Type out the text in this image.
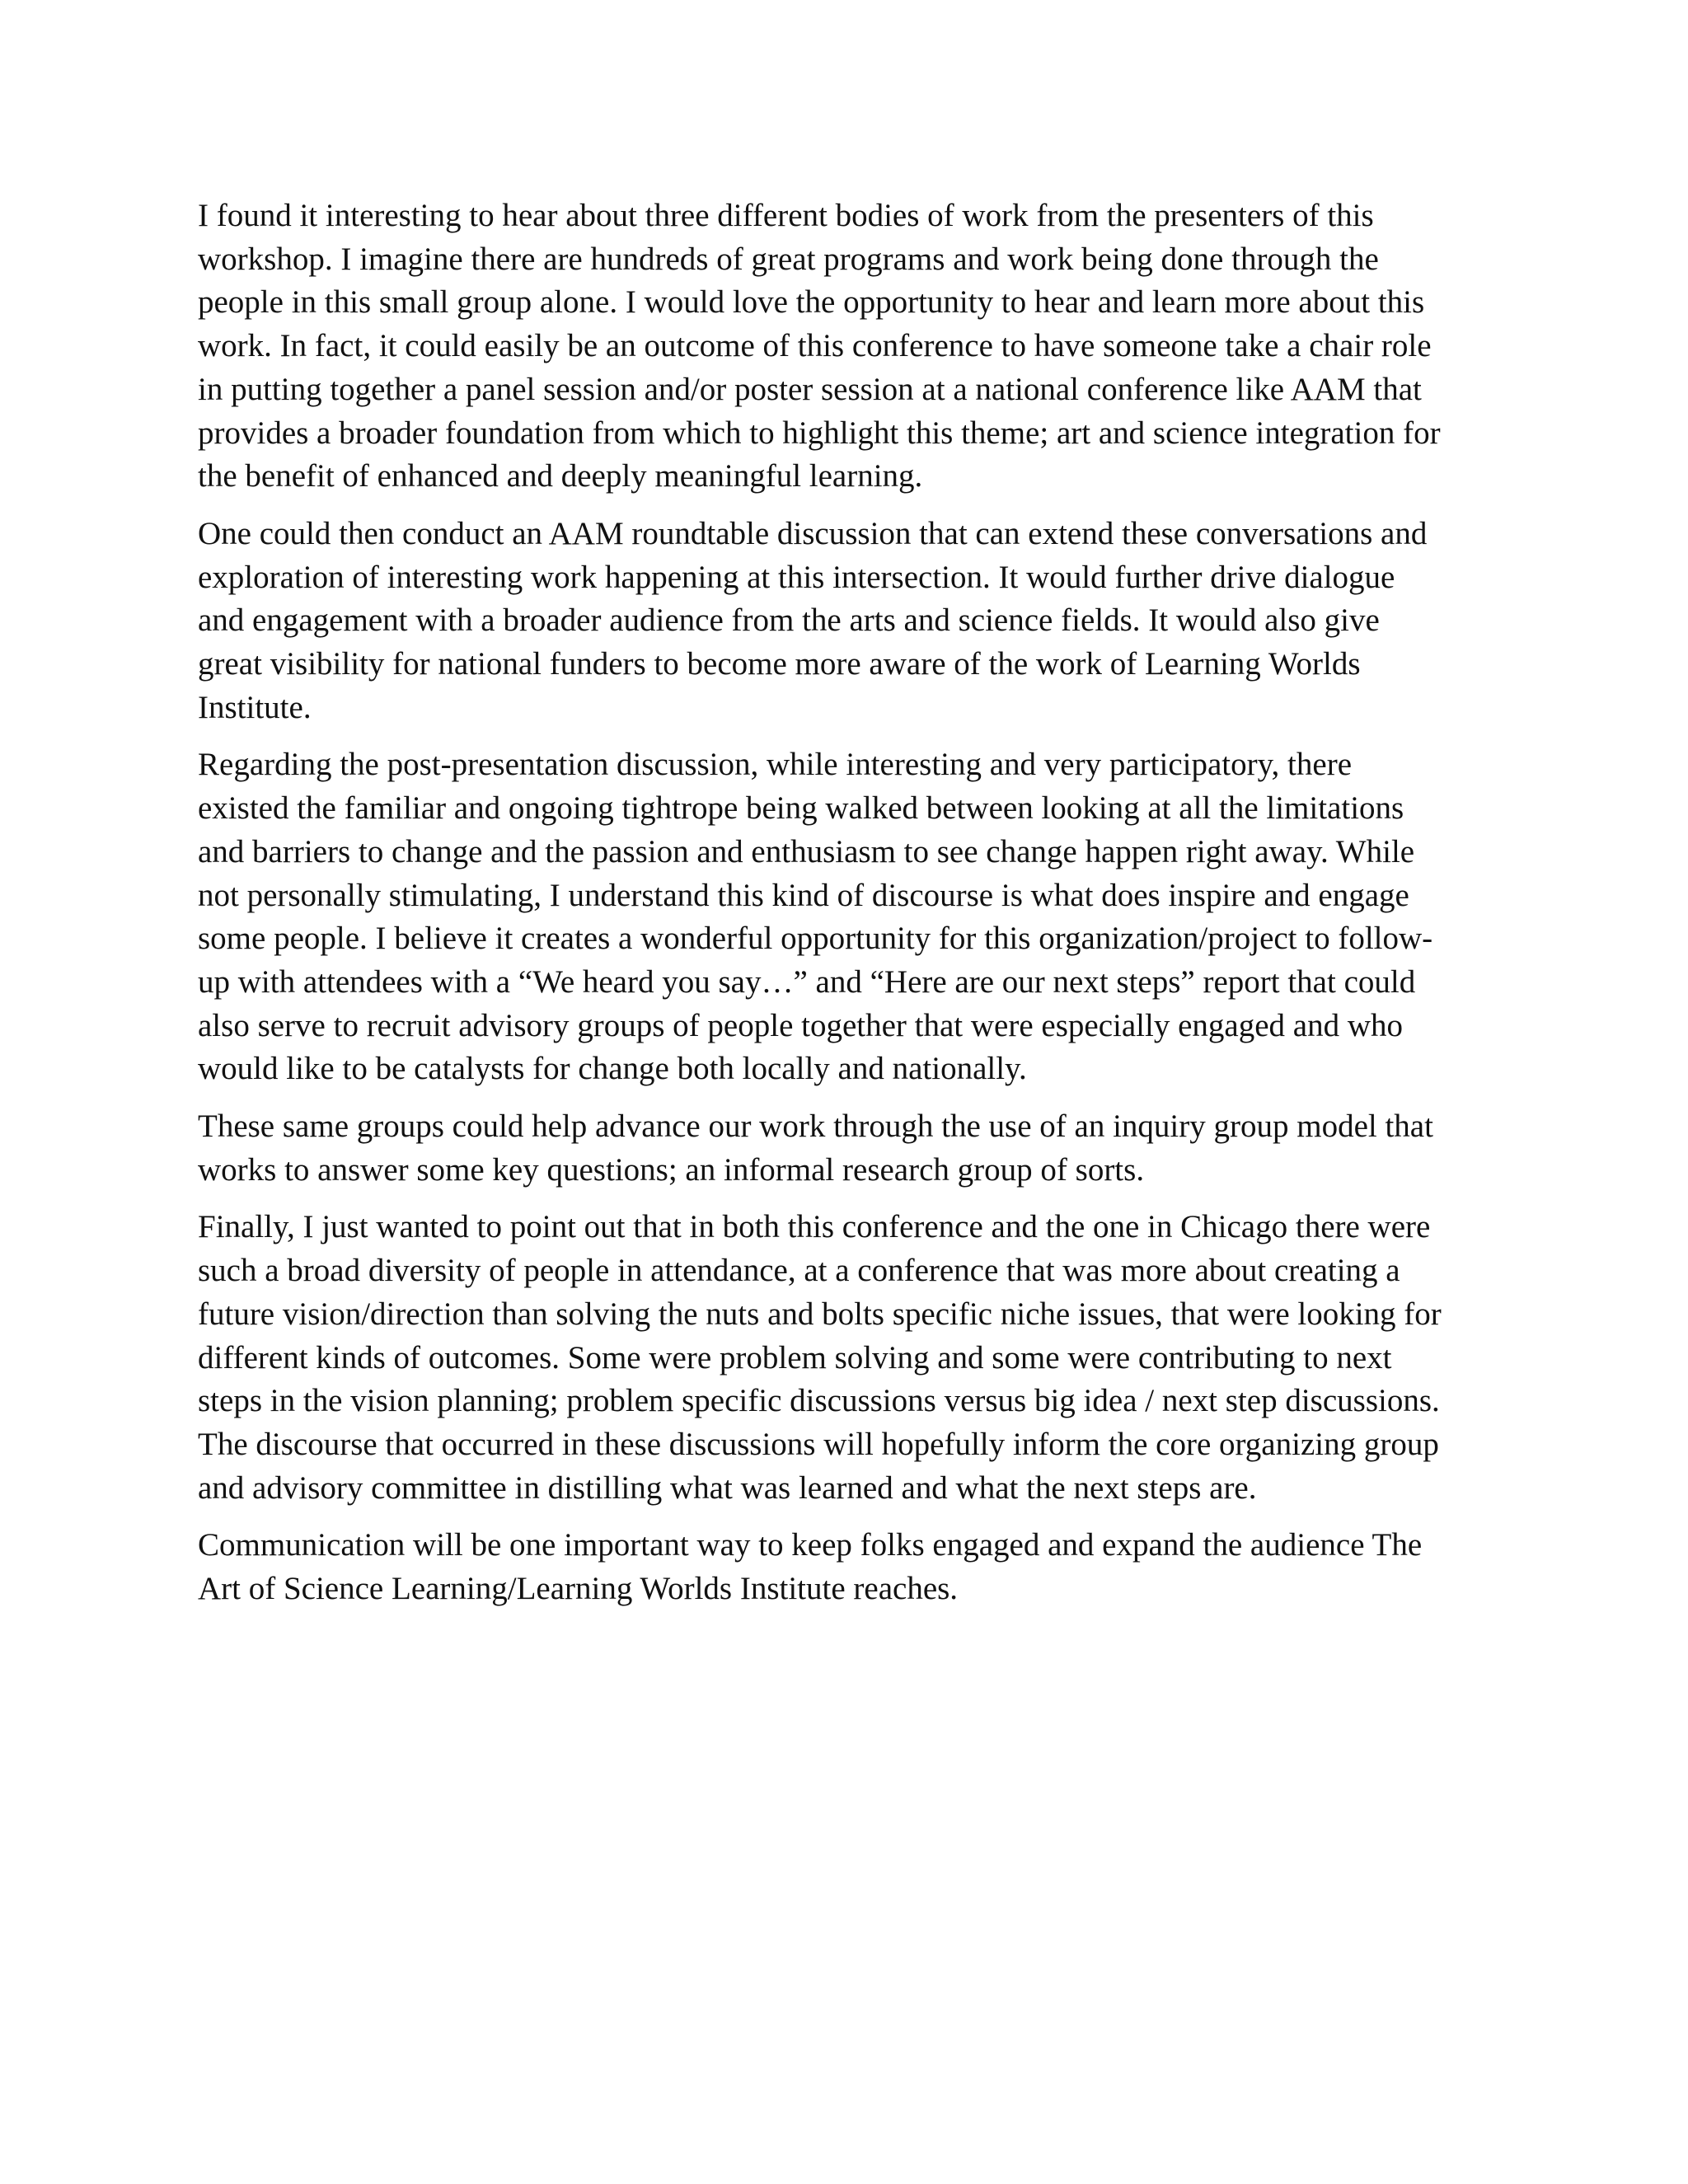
I found it interesting to hear about three different bodies of work from the presenters of this
workshop. I imagine there are hundreds of great programs and work being done through the
people in this small group alone. I would love the opportunity to hear and learn more about this
work. In fact, it could easily be an outcome of this conference to have someone take a chair role
in putting together a panel session and/or poster session at a national conference like AAM that
provides a broader foundation from which to highlight this theme; art and science integration for
the benefit of enhanced and deeply meaningful learning.

One could then conduct an AAM roundtable discussion that can extend these conversations and
exploration of interesting work happening at this intersection. It would further drive dialogue
and engagement with a broader audience from the arts and science fields. It would also give
great visibility for national funders to become more aware of the work of Learning Worlds
Institute.

Regarding the post-presentation discussion, while interesting and very participatory, there
existed the familiar and ongoing tightrope being walked between looking at all the limitations
and barriers to change and the passion and enthusiasm to see change happen right away. While
not personally stimulating, I understand this kind of discourse is what does inspire and engage
some people. I believe it creates a wonderful opportunity for this organization/project to follow-
up with attendees with a “We heard you say…” and “Here are our next steps” report that could
also serve to recruit advisory groups of people together that were especially engaged and who
would like to be catalysts for change both locally and nationally.

These same groups could help advance our work through the use of an inquiry group model that
works to answer some key questions; an informal research group of sorts.

Finally, I just wanted to point out that in both this conference and the one in Chicago there were
such a broad diversity of people in attendance, at a conference that was more about creating a
future vision/direction than solving the nuts and bolts specific niche issues, that were looking for
different kinds of outcomes. Some were problem solving and some were contributing to next
steps in the vision planning; problem specific discussions versus big idea / next step discussions.
The discourse that occurred in these discussions will hopefully inform the core organizing group
and advisory committee in distilling what was learned and what the next steps are.

Communication will be one important way to keep folks engaged and expand the audience The
Art of Science Learning/Learning Worlds Institute reaches.
